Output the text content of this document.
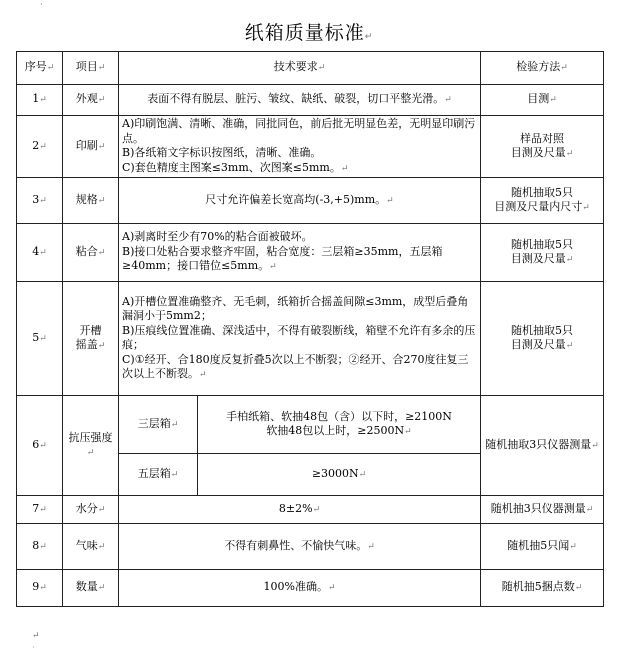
·
纸箱质量标准↵
序号↵	项目↵	技术要求↵		检验方法↵

1↵	外观↵	表面不得有脱层、脏污、皱纹、缺纸、破裂，切口平整光滑。↵		目测↵

2↵	印刷↵	A)印刷饱满、清晰、准确，同批同色，前后批无明显色差，无明显印刷污点。
B)各纸箱文字标识按图纸，清晰、准确。
C)套色精度主图案≤3mm、次图案≤5mm。↵		样品对照
目测及尺量↵

3↵	规格↵	尺寸允许偏差长宽高均(-3,+5)mm。↵		随机抽取5只
目测及尺量内尺寸↵

4↵	粘合↵	A)剥离时至少有70%的粘合面被破坏。
B)接口处粘合要求整齐牢固，粘合宽度：三层箱≥35mm，五层箱≥40mm；接口错位≤5mm。↵		随机抽取5只
目测及尺量↵

5↵	开槽
摇盖↵	A)开槽位置准确整齐、无毛刺，纸箱折合摇盖间隙≤3mm，成型后叠角漏洞小于5mm2；
B)压痕线位置准确、深浅适中，不得有破裂断线，箱壁不允许有多余的压痕；
C)①经开、合180度反复折叠5次以上不断裂；②经开、合270度往复三次以上不断裂。↵		随机抽取5只
目测及尺量↵

6↵	抗压强度↵	三层箱↵	手柏纸箱、软抽48包（含）以下时，≥2100N
软抽48包以上时，≥2500N↵	随机抽取3只仪器测量↵

		五层箱↵	≥3000N↵	

7↵	水分↵	8±2%↵		随机抽3只仪器测量↵

8↵	气味↵	不得有刺鼻性、不愉快气味。↵		随机抽5只闻↵

9↵	数量↵	100%准确。↵		随机抽5捆点数↵
↵
·
